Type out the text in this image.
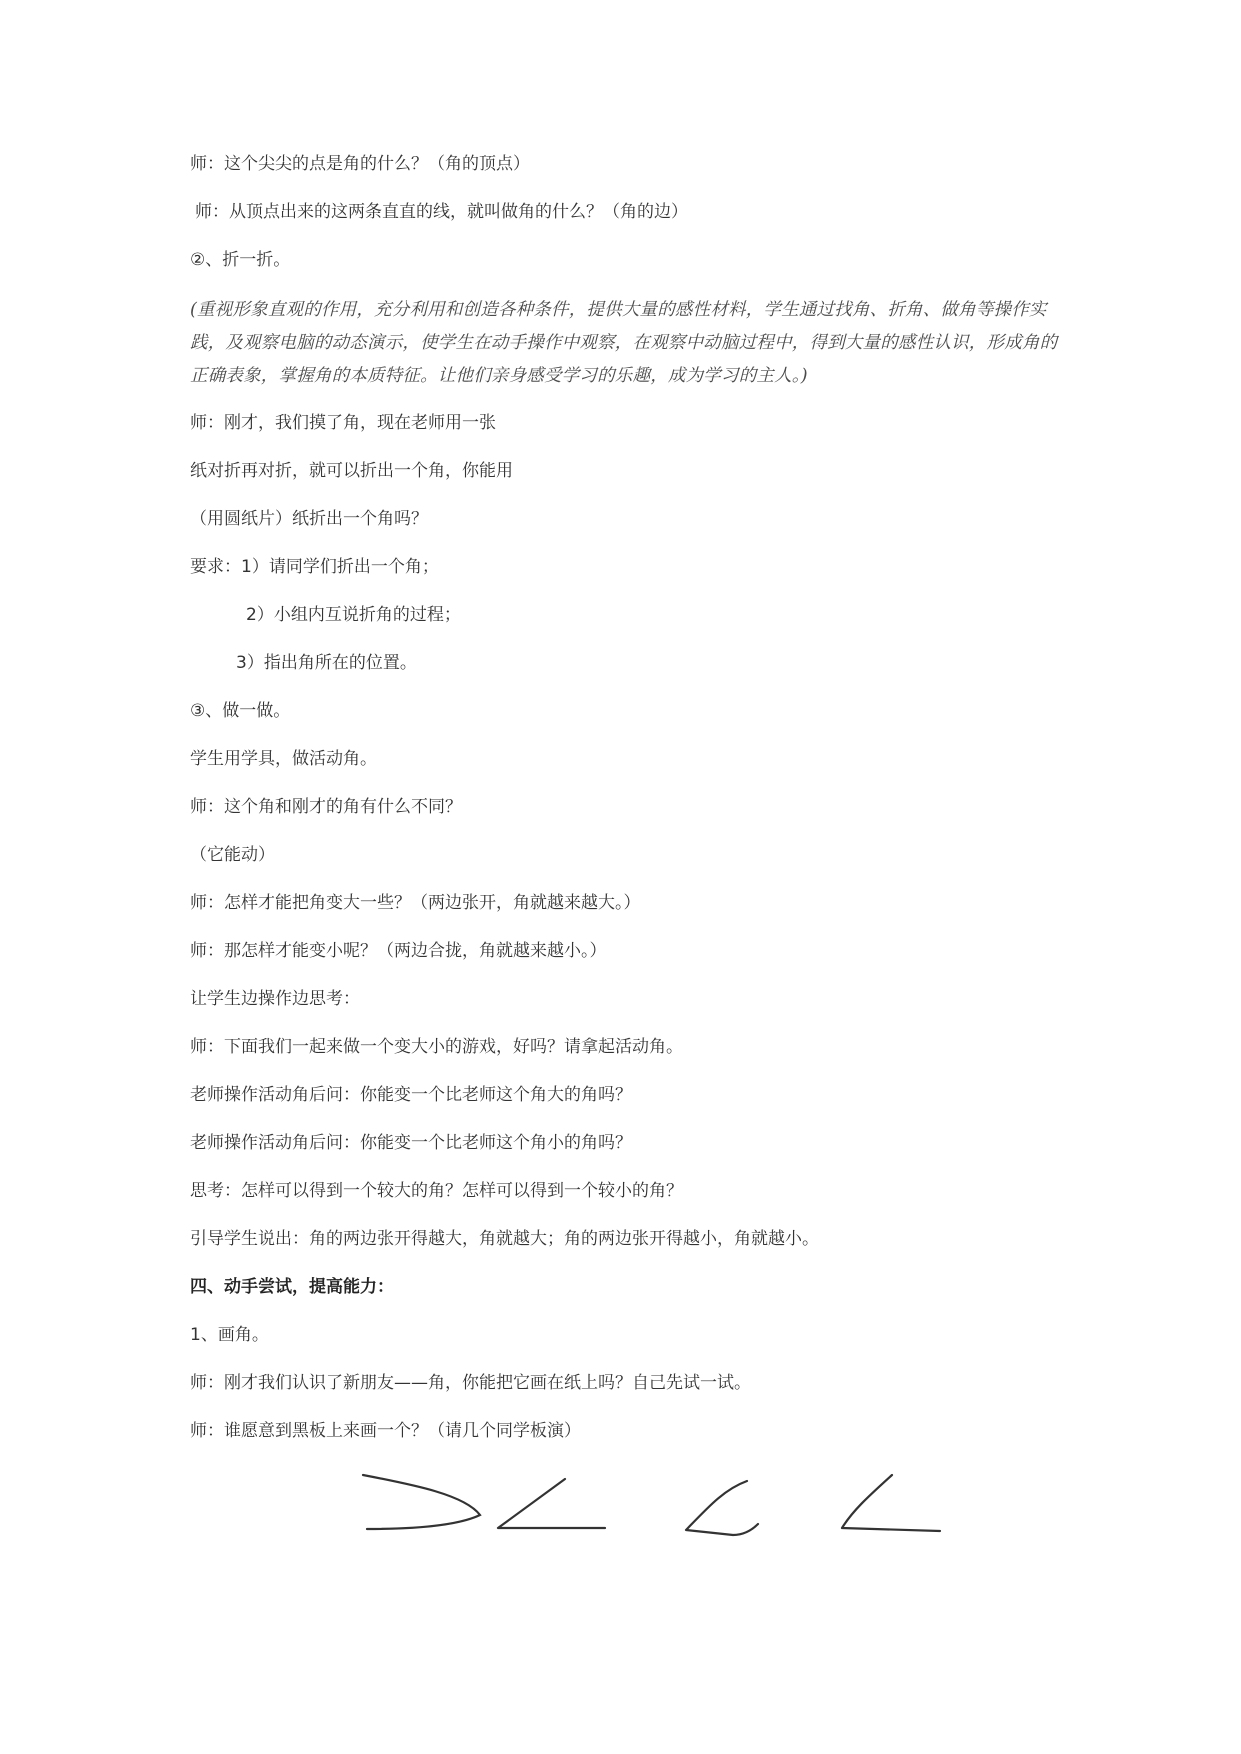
师：这个尖尖的点是角的什么？（角的顶点）
师：从顶点出来的这两条直直的线，就叫做角的什么？（角的边）
②、折一折。
(重视形象直观的作用，充分利用和创造各种条件，提供大量的感性材料，学生通过找角、折角、做角等操作实践，及观察电脑的动态演示，使学生在动手操作中观察，在观察中动脑过程中，得到大量的感性认识，形成角的正确表象，掌握角的本质特征。让他们亲身感受学习的乐趣，成为学习的主人。)
师：刚才，我们摸了角，现在老师用一张
纸对折再对折，就可以折出一个角，你能用
（用圆纸片）纸折出一个角吗？
要求：1）请同学们折出一个角；
2）小组内互说折角的过程；
3）指出角所在的位置。
③、做一做。
学生用学具，做活动角。
师：这个角和刚才的角有什么不同？
（它能动）
师：怎样才能把角变大一些？（两边张开，角就越来越大。）
师：那怎样才能变小呢？（两边合拢，角就越来越小。）
让学生边操作边思考：
师：下面我们一起来做一个变大小的游戏，好吗？请拿起活动角。
老师操作活动角后问：你能变一个比老师这个角大的角吗？
老师操作活动角后问：你能变一个比老师这个角小的角吗？
思考：怎样可以得到一个较大的角？怎样可以得到一个较小的角？
引导学生说出：角的两边张开得越大，角就越大；角的两边张开得越小，角就越小。
四、动手尝试，提高能力：
1、画角。
师：刚才我们认识了新朋友——角，你能把它画在纸上吗？自己先试一试。
师：谁愿意到黑板上来画一个？（请几个同学板演）
